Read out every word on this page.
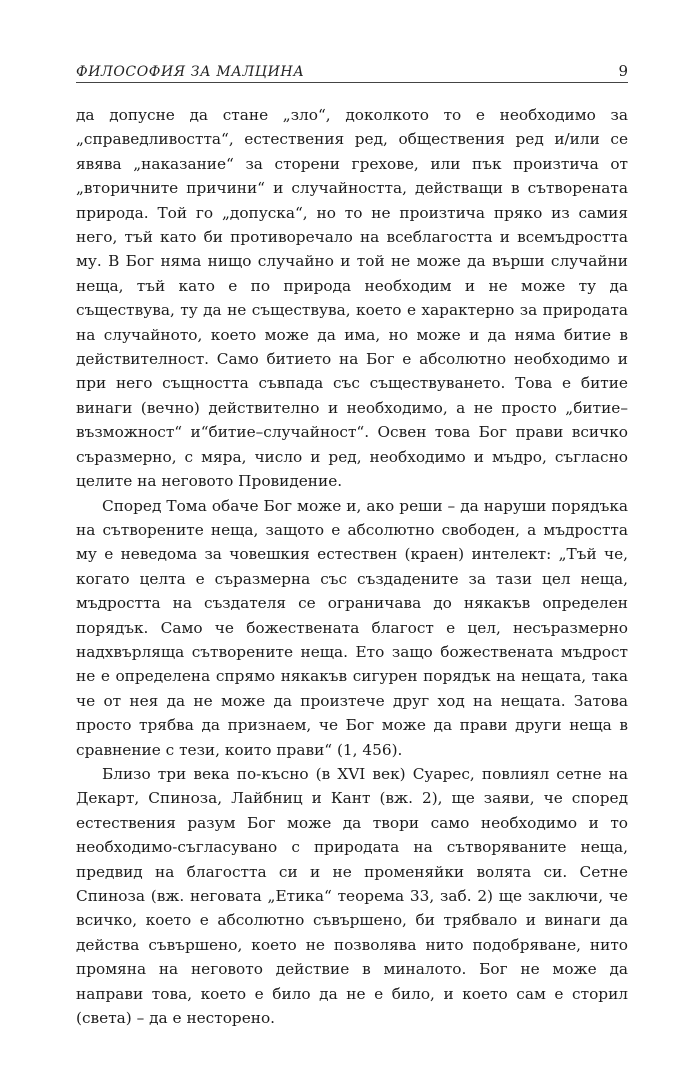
ФИЛОСОФИЯ ЗА МАЛЦИНА	9

да допусне да стане „зло“, доколкото то е необходимо за „справедливостта“, естествения ред, обществения ред и/или се явява „наказание“ за сторени грехове, или пък произтича от „вторичните причини“ и случайността, действащи в сътворената природа. Той го „допуска“, но то не произтича пряко из самия него, тъй като би противоречало на всеблагостта и всемъдростта му. В Бог няма нищо случайно и той не може да върши случайни неща, тъй като е по природа необходим и не може ту да съществува, ту да не съществува, което е характерно за природата на случайното, което може да има, но може и да няма битие в действителност. Само битието на Бог е абсолютно необходимо и при него същността съвпада със съществуването. Това е битие винаги (вечно) действително и необходимо, а не просто „битие–възможност“ и“битие–случайност“. Освен това Бог прави всичко съразмерно, с мяра, число и ред, необходимо и мъдро, съгласно целите на неговото Провидение.

Според Тома обаче Бог може и, ако реши – да наруши порядъка на сътворените неща, защото е абсолютно свободен, а мъдростта му е неведома за човешкия естествен (краен) интелект: „Тъй че, когато целта е съразмерна със създадените за тази цел неща, мъдростта на създателя се ограничава до някакъв определен порядък. Само че божествената благост е цел, несъразмерно надхвърляща сътворените неща. Ето защо божествената мъдрост не е определена спрямо някакъв сигурен порядък на нещата, така че от нея да не може да произтече друг ход на нещата. Затова просто трябва да признаем, че Бог може да прави други неща в сравнение с тези, които прави“ (1, 456).

Близо три века по-късно (в XVI век) Суарес, повлиял сетне на Декарт, Спиноза, Лайбниц и Кант (вж. 2), ще заяви, че според естествения разум Бог може да твори само необходимо и то необходимо-съгласувано с природата на сътворяваните неща, предвид на благостта си и не променяйки волята си. Сетне Спиноза (вж. неговата „Етика“ теорема 33, заб. 2) ще заключи, че всичко, което е абсолютно съвършено, би трябвало и винаги да действа съвършено, което не позволява нито подобряване, нито промяна на неговото действие в миналото. Бог не може да направи това, което е било да не е било, и което сам е сторил (света) – да е несторено.
